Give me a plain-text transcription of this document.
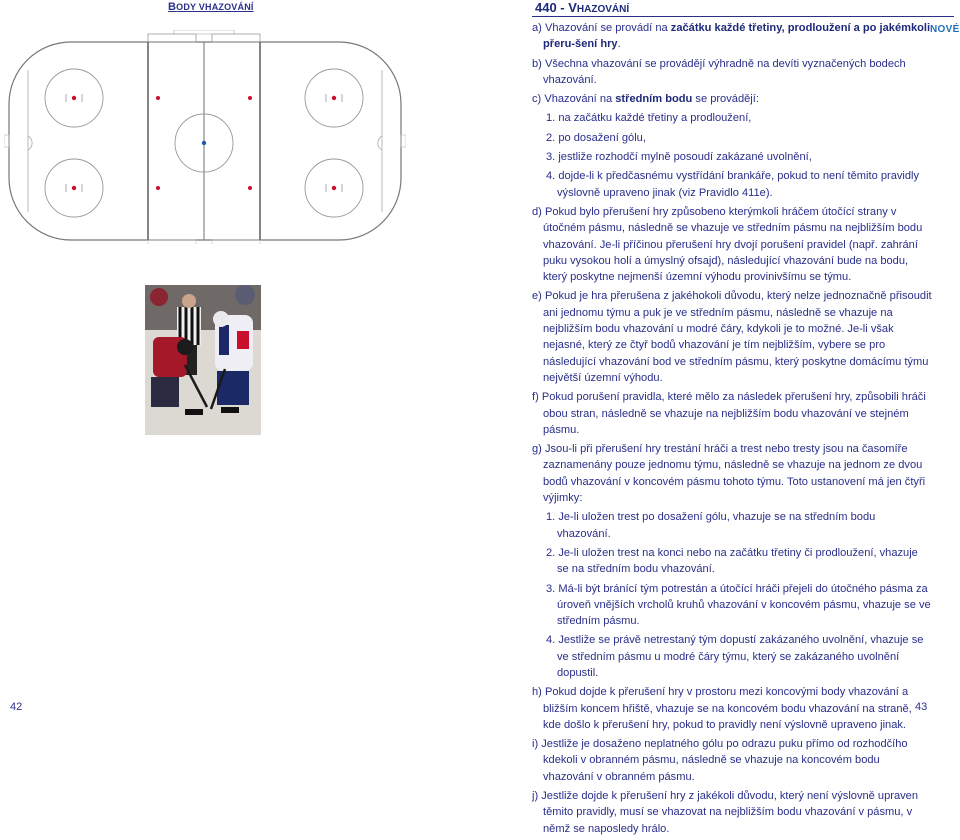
BODY VHAZOVÁNÍ	440 - VHAZOVÁNÍ
NOVÉ

a) Vhazování se provádí na začátku každé třetiny, prodloužení a po jakémkoli přeru-šení hry.

b) Všechna vhazování se provádějí výhradně na devíti vyznačených bodech vhazování.

c) Vhazování na středním bodu se provádějí:

1. na začátku každé třetiny a prodloužení,

2. po dosažení gólu,

3. jestliže rozhodčí mylně posoudí zakázané uvolnění,

4. dojde-li k předčasnému vystřídání brankáře, pokud to není těmito pravidly výslovně upraveno jinak (viz Pravidlo 411e).

d) Pokud bylo přerušení hry způsobeno kterýmkoli hráčem útočící strany v útočném pásmu, následně se vhazuje ve středním pásmu na nejbližším bodu vhazování. Je-li příčinou přerušení hry dvojí porušení pravidel (např. zahrání puku vysokou holí a úmyslný ofsajd), následující vhazování bude na bodu, který poskytne nejmenší územní výhodu provinivšímu se týmu.

e) Pokud je hra přerušena z jakéhokoli důvodu, který nelze jednoznačně přisoudit ani jednomu týmu a puk je ve středním pásmu, následně se vhazuje na nejbližším bodu vhazování u modré čáry, kdykoli je to možné. Je-li však nejasné, který ze čtyř bodů vhazování je tím nejbližším, vybere se pro následující vhazování bod ve středním pásmu, který poskytne domácímu týmu největší územní výhodu.

f) Pokud porušení pravidla, které mělo za následek přerušení hry, způsobili hráči obou stran, následně se vhazuje na nejbližším bodu vhazování ve stejném pásmu.

g) Jsou-li při přerušení hry trestání hráči a trest nebo tresty jsou na časomíře zaznamenány pouze jednomu týmu, následně se vhazuje na jednom ze dvou bodů vhazování v koncovém pásmu tohoto týmu. Toto ustanovení má jen čtyři výjimky:

1. Je-li uložen trest po dosažení gólu, vhazuje se na středním bodu vhazování.

2. Je-li uložen trest na konci nebo na začátku třetiny či prodloužení, vhazuje se na středním bodu vhazování.

3. Má-li být bránící tým potrestán a útočící hráči přejeli do útočného pásma za úroveň vnějších vrcholů kruhů vhazování v koncovém pásmu, vhazuje se ve středním pásmu.

4. Jestliže se právě netrestaný tým dopustí zakázaného uvolnění, vhazuje se ve středním pásmu u modré čáry týmu, který se zakázaného uvolnění dopustil.

h) Pokud dojde k přerušení hry v prostoru mezi koncovými body vhazování a bližším koncem hřiště, vhazuje se na koncovém bodu vhazování na straně, kde došlo k přerušení hry, pokud to pravidly není výslovně upraveno jinak.

i) Jestliže je dosaženo neplatného gólu po odrazu puku přímo od rozhodčího kdekoli v obranném pásmu, následně se vhazuje na koncovém bodu vhazování v obranném pásmu.

j) Jestliže dojde k přerušení hry z jakékoli důvodu, který není výslovně upraven těmito pravidly, musí se vhazovat na nejbližším bodu vhazování v pásmu, v němž se naposledy hrálo.

42	43
